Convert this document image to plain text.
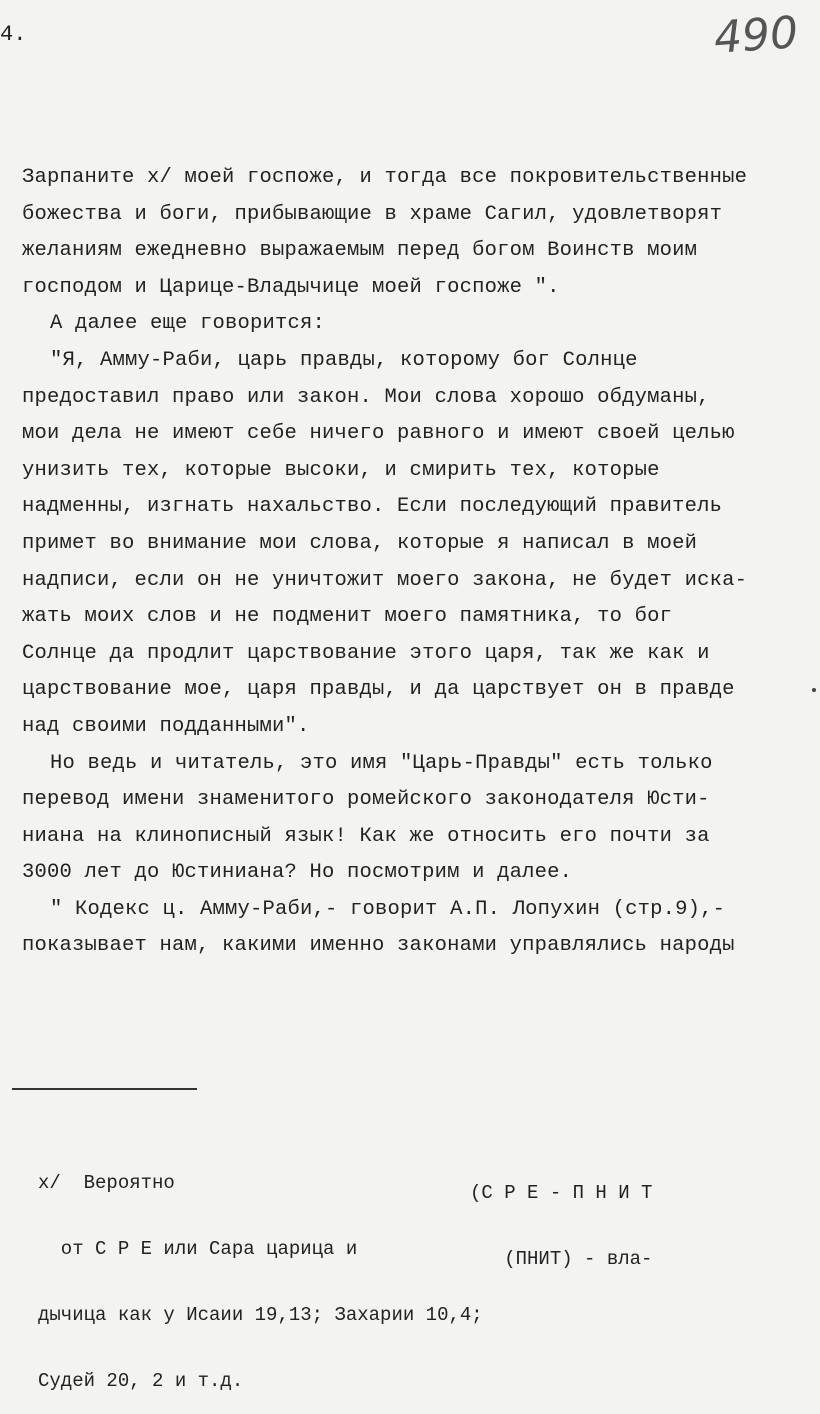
4.	490
Зарпаните x/ моей госпоже, и тогда все покровительственные
божества и боги, прибывающие в храме Сагил, удовлетворят
желаниям ежедневно выражаемым перед богом Воинств моим
господом и Царице-Владычице моей госпоже ".
А далее еще говорится:
"Я, Амму-Раби, царь правды, которому бог Солнце
предоставил право или закон. Мои слова хорошо обдуманы,
мои дела не имеют себе ничего равного и имеют своей целью
унизить тех, которые высоки, и смирить тех, которые
надменны, изгнать нахальство. Если последующий правитель
примет во внимание мои слова, которые я написал в моей
надписи, если он не уничтожит моего закона, не будет иска-
жать моих слов и не подменит моего памятника, то бог
Солнце да продлит царствование этого царя, так же как и
царствование мое, царя правды, и да царствует он в правде
над своими подданными".
Но ведь и читатель, это имя "Царь-Правды" есть только
перевод имени знаменитого ромейского законодателя Юсти-
ниана на клинописный язык! Как же относить его почти за
3000 лет до Юстиниана? Но посмотрим и далее.
" Кодекс ц. Амму-Раби,- говорит А.П. Лопухин (стр.9),-
показывает нам, какими именно законами управлялись народы

x/  Вероятно

от С Р Е или Сара царица и

дычица как у Исаии 19,13; Захарии 10,4;

Судей 20, 2 и т.д.

(С Р Е - П Н И Т

(ПНИТ) - вла-
